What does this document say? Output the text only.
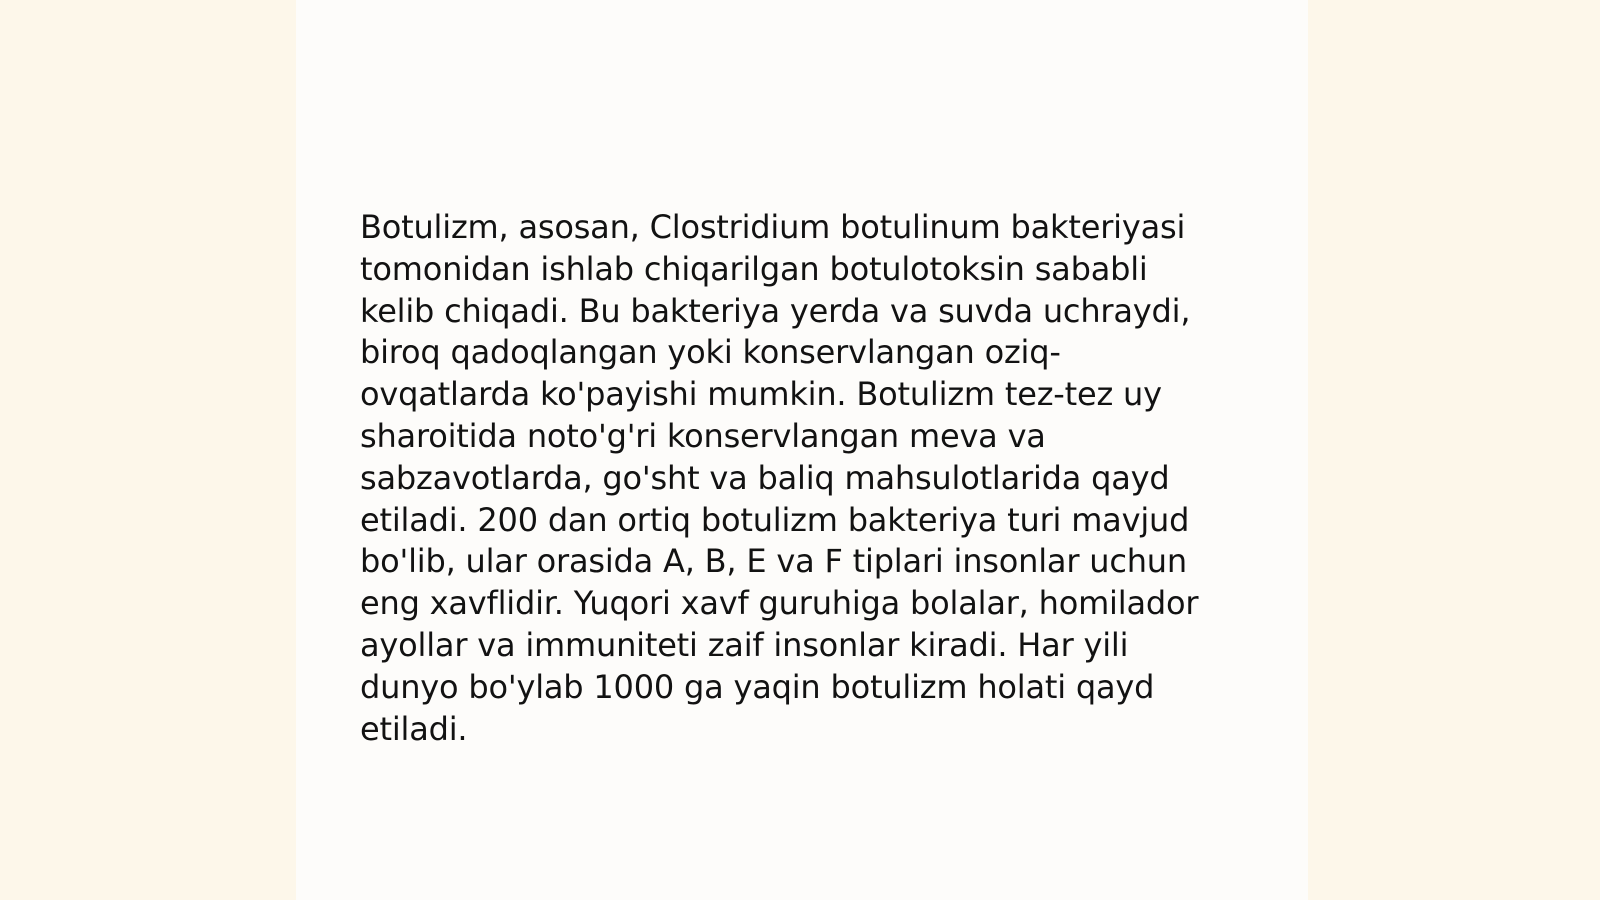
Botulizm, asosan, Clostridium botulinum bakteriyasi
tomonidan ishlab chiqarilgan botulotoksin sababli
kelib chiqadi. Bu bakteriya yerda va suvda uchraydi,
biroq qadoqlangan yoki konservlangan oziq-
ovqatlarda ko'payishi mumkin. Botulizm tez-tez uy
sharoitida noto'g'ri konservlangan meva va
sabzavotlarda, go'sht va baliq mahsulotlarida qayd
etiladi. 200 dan ortiq botulizm bakteriya turi mavjud
bo'lib, ular orasida A, B, E va F tiplari insonlar uchun
eng xavflidir. Yuqori xavf guruhiga bolalar, homilador
ayollar va immuniteti zaif insonlar kiradi. Har yili
dunyo bo'ylab 1000 ga yaqin botulizm holati qayd
etiladi.
